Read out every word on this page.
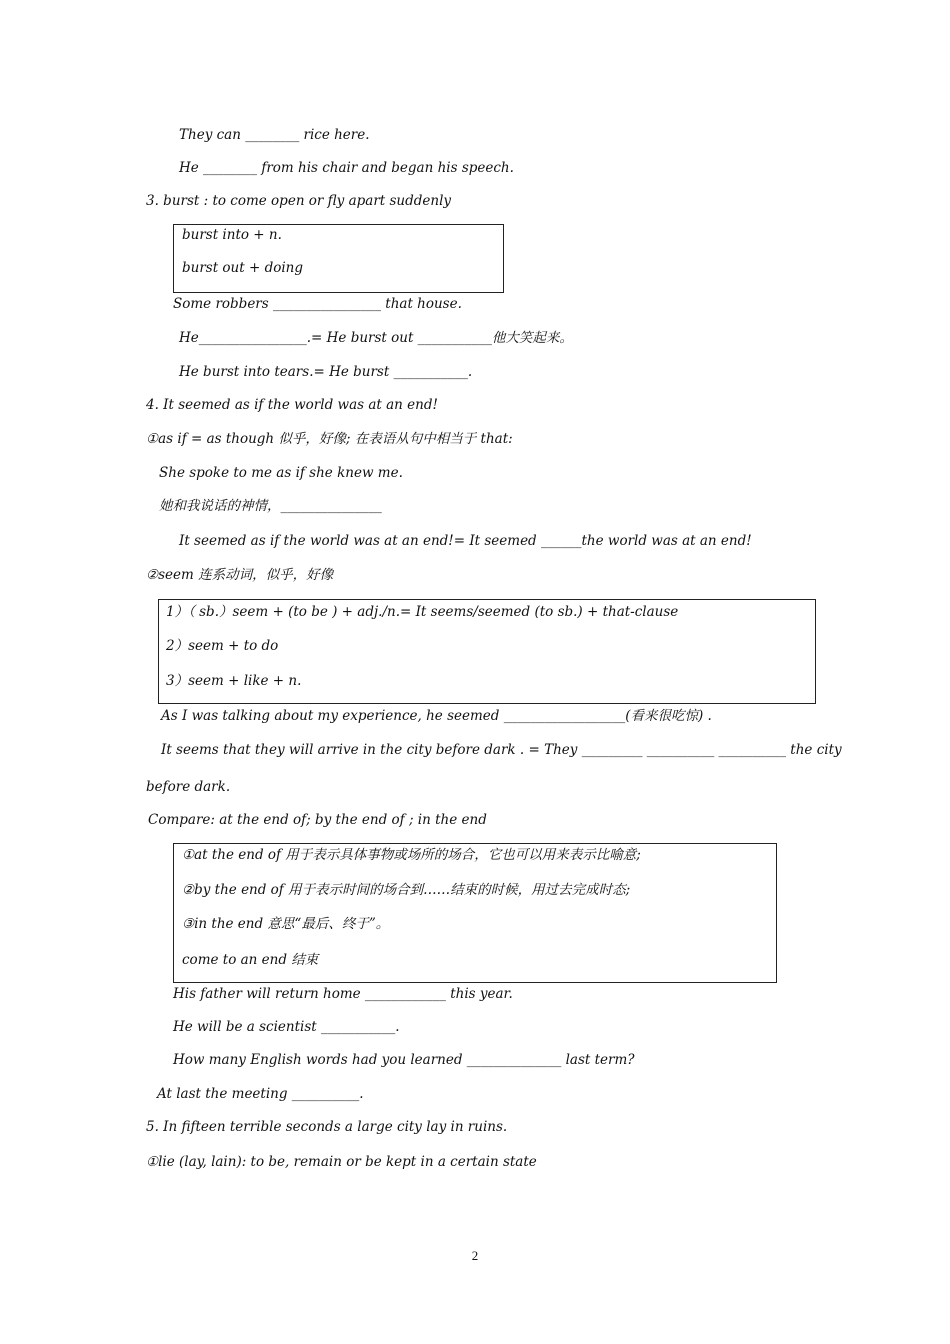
They can ________ rice here.
He ________ from his chair and began his speech.
3. burst : to come open or fly apart suddenly
burst into + n.
burst out + doing
Some robbers ________________ that house.
He________________.= He burst out ___________他大笑起来。
He burst into tears.= He burst ___________.
4. It seemed as if the world was at an end!
①as if = as though 似乎，好像; 在表语从句中相当于 that:
She spoke to me as if she knew me.
她和我说话的神情，_______________
It seemed as if the world was at an end!= It seemed ______the world was at an end!
②seem 连系动词，似乎，好像
1）（ sb.）seem + (to be ) + adj./n.= It seems/seemed (to sb.) + that-clause
2）seem + to do
3）seem + like + n.
As I was talking about my experience, he seemed __________________(看来很吃惊) .
It seems that they will arrive in the city before dark . = They _________ __________ __________ the city
before dark.
Compare: at the end of; by the end of ; in the end
①at the end of 用于表示具体事物或场所的场合，它也可以用来表示比喻意;
②by the end of 用于表示时间的场合到……结束的时候，用过去完成时态;
③in the end 意思“最后、终于”。
come to an end 结束
His father will return home ____________ this year.
He will be a scientist ___________.
How many English words had you learned ______________ last term?
At last the meeting __________.
5. In fifteen terrible seconds a large city lay in ruins.
①lie (lay, lain): to be, remain or be kept in a certain state
2
